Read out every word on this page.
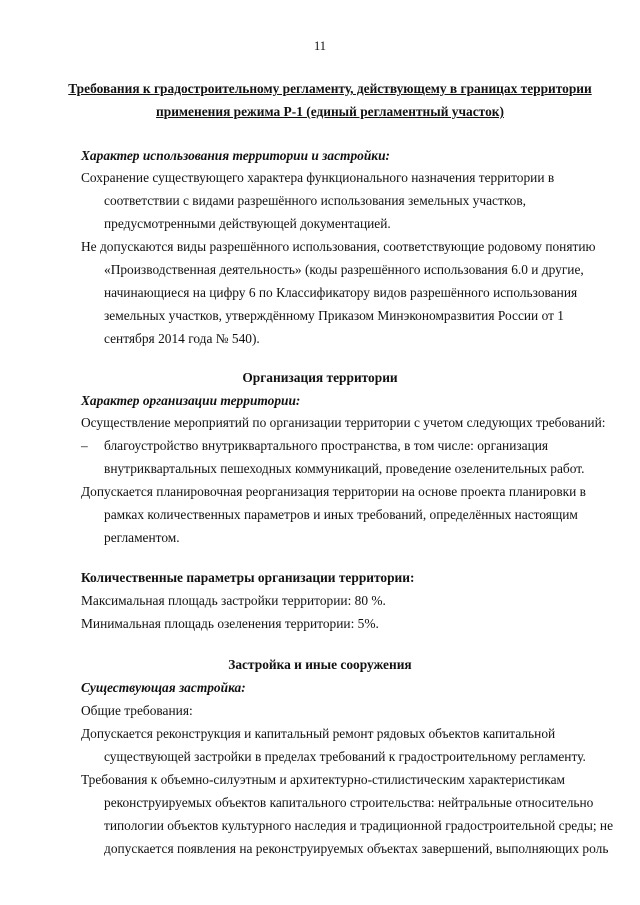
11
Требования к градостроительному регламенту, действующему в границах территории
применения режима Р-1 (единый регламентный участок)
Характер использования территории и застройки:
Сохранение существующего характера функционального назначения территории в
соответствии с видами разрешённого использования земельных участков,
предусмотренными действующей документацией.
Не допускаются виды разрешённого использования, соответствующие родовому понятию
«Производственная деятельность» (коды разрешённого использования 6.0 и другие,
начинающиеся на цифру 6 по Классификатору видов разрешённого использования
земельных участков, утверждённому Приказом Минэкономразвития России от 1
сентября 2014 года № 540).
Организация территории
Характер организации территории:
Осуществление мероприятий по организации территории с учетом следующих требований:
– благоустройство внутриквартального пространства, в том числе: организация
внутриквартальных пешеходных коммуникаций, проведение озеленительных работ.
Допускается планировочная реорганизация территории на основе проекта планировки в
рамках количественных параметров и иных требований, определённых настоящим
регламентом.
Количественные параметры организации территории:
Максимальная площадь застройки территории: 80 %.
Минимальная площадь озеленения территории: 5%.
Застройка и иные сооружения
Существующая застройка:
Общие требования:
Допускается реконструкция и капитальный ремонт рядовых объектов капитальной
существующей застройки в пределах требований к градостроительному регламенту.
Требования к объемно-силуэтным и архитектурно-стилистическим характеристикам
реконструируемых объектов капитального строительства: нейтральные относительно
типологии объектов культурного наследия и традиционной градостроительной среды; не
допускается появления на реконструируемых объектах завершений, выполняющих роль
